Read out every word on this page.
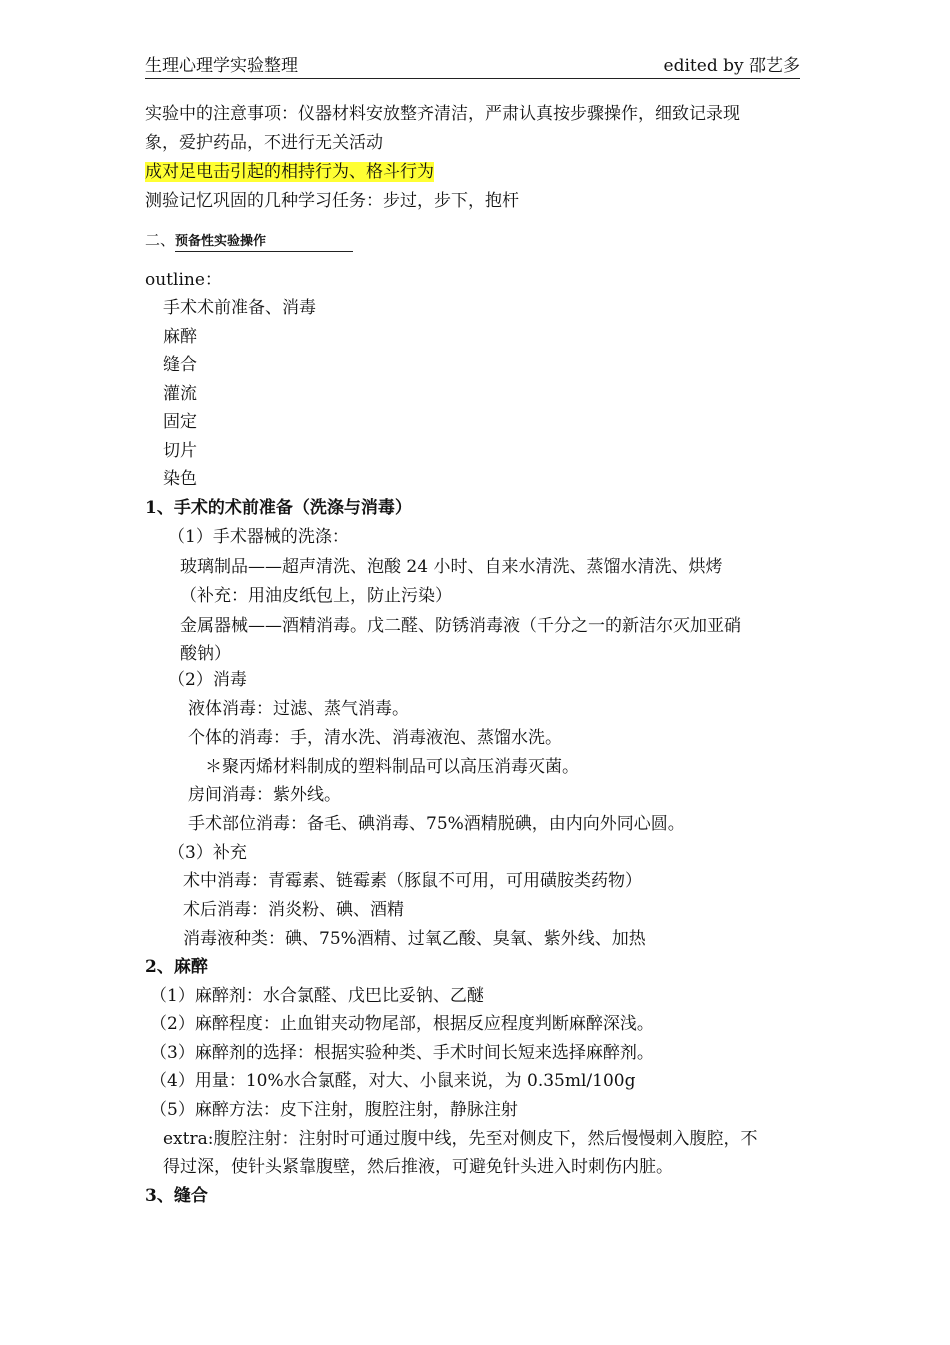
生理心理学实验整理	edited by 邵艺多
实验中的注意事项：仪器材料安放整齐清洁，严肃认真按步骤操作，细致记录现
象，爱护药品，不进行无关活动
成对足电击引起的相持行为、格斗行为
测验记忆巩固的几种学习任务：步过，步下，抱杆
二、预备性实验操作
outline：
手术术前准备、消毒
麻醉
缝合
灌流
固定
切片
染色
1、手术的术前准备（洗涤与消毒）
（1）手术器械的洗涤：
玻璃制品——超声清洗、泡酸 24 小时、自来水清洗、蒸馏水清洗、烘烤
（补充：用油皮纸包上，防止污染）
金属器械——酒精消毒。戊二醛、防锈消毒液（千分之一的新洁尔灭加亚硝
酸钠）
（2）消毒
液体消毒：过滤、蒸气消毒。
个体的消毒：手，清水洗、消毒液泡、蒸馏水洗。
＊聚丙烯材料制成的塑料制品可以高压消毒灭菌。
房间消毒：紫外线。
手术部位消毒：备毛、碘消毒、75%酒精脱碘，由内向外同心圆。
（3）补充
术中消毒：青霉素、链霉素（豚鼠不可用，可用磺胺类药物）
术后消毒：消炎粉、碘、酒精
消毒液种类：碘、75%酒精、过氧乙酸、臭氧、紫外线、加热
2、麻醉
（1）麻醉剂：水合氯醛、戊巴比妥钠、乙醚
（2）麻醉程度：止血钳夹动物尾部，根据反应程度判断麻醉深浅。
（3）麻醉剂的选择：根据实验种类、手术时间长短来选择麻醉剂。
（4）用量：10%水合氯醛，对大、小鼠来说，为 0.35ml/100g
（5）麻醉方法：皮下注射，腹腔注射，静脉注射
extra:腹腔注射：注射时可通过腹中线，先至对侧皮下，然后慢慢刺入腹腔，不
得过深，使针头紧靠腹壁，然后推液，可避免针头进入时刺伤内脏。
3、缝合
